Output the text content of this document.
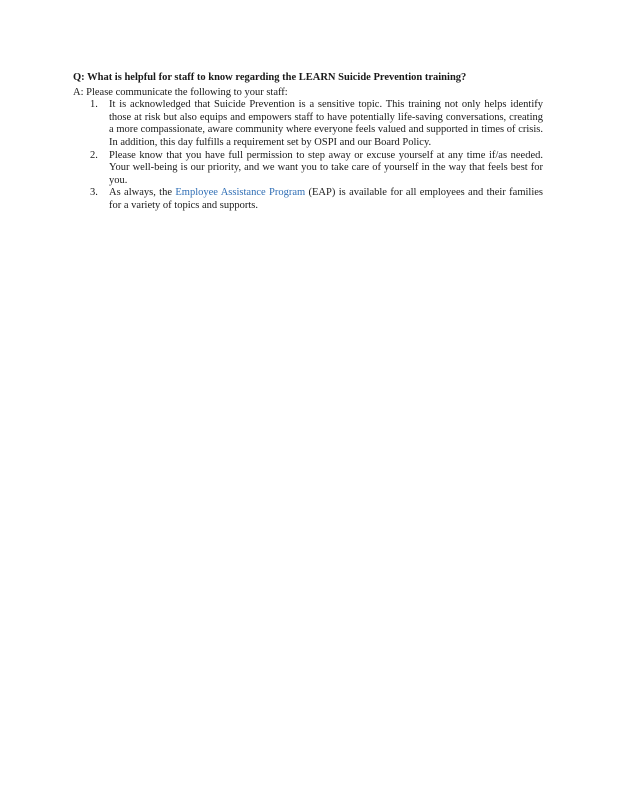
Q: What is helpful for staff to know regarding the LEARN Suicide Prevention training?

A: Please communicate the following to your staff:

1. It is acknowledged that Suicide Prevention is a sensitive topic. This training not only helps identify those at risk but also equips and empowers staff to have potentially life-saving conversations, creating a more compassionate, aware community where everyone feels valued and supported in times of crisis. In addition, this day fulfills a requirement set by OSPI and our Board Policy.
2. Please know that you have full permission to step away or excuse yourself at any time if/as needed. Your well-being is our priority, and we want you to take care of yourself in the way that feels best for you.
3. As always, the Employee Assistance Program (EAP) is available for all employees and their families for a variety of topics and supports.
